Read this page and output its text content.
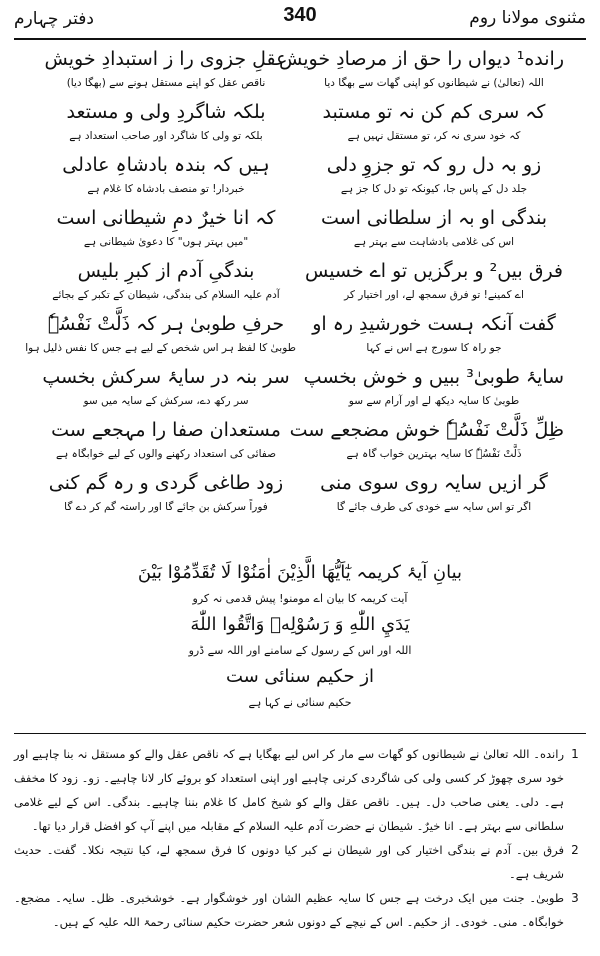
مثنوی مولانا روم
340
دفتر چہارم
رانده¹ دیواں را حق از مرصادِ خویش
اللہ (تعالیٰ) نے شیطانوں کو اپنی گھات سے بھگا دیا
عقلِ جزوی را ز استبدادِ خویش
ناقص عقل کو اپنے مستقل ہونے سے (بھگا دیا)
کہ سری کم کن نہ تو مستبد
کہ خود سری نہ کر، تو مستقل نہیں ہے
بلکہ شاگردِ ولی و مستعد
بلکہ تو ولی کا شاگرد اور صاحب استعداد ہے
زو بہ دل رو کہ تو جزوِ دلی
جلد دل کے پاس جا، کیونکہ تو دل کا جز ہے
ہیں کہ بندہ بادشاہِ عادلی
خبردار! تو منصف بادشاہ کا غلام ہے
بندگی او بہ از سلطانی است
اس کی غلامی بادشاہت سے بہتر ہے
کہ انا خیرٌ دمِ شیطانی است
"میں بہتر ہوں" کا دعویٰ شیطانی ہے
فرق بیں² و برگزیں تو اے خسیس
اے کمینے! تو فرق سمجھ لے، اور اختیار کر
بندگیِ آدم از کبرِ بلیس
آدم علیہ السلام کی بندگی، شیطان کے تکبر کے بجائے
گفت آنکہ ہست خورشیدِ رہ او
جو راہ کا سورج ہے اس نے کہا
حرفِ طوبیٰ ہر کہ ذَلَّتْ نَفْسُہٗ
طوبیٰ کا لفظ ہر اس شخص کے لیے ہے جس کا نفس ذلیل ہوا
سایۂ طوبیٰ³ ببیں و خوش بخسپ
طوبیٰ کا سایہ دیکھ لے اور آرام سے سو
سر بنہ در سایۂ سرکش بخسپ
سر رکھ دے، سرکش کے سایہ میں سو
ظِلِّ ذَلَّتْ نَفْسُہٗ خوش مضجعے ست
ذَلَّتْ نَفْسُہٗ کا سایہ بہترین خواب گاہ ہے
مستعدان صفا را مہجعے ست
صفائی کی استعداد رکھنے والوں کے لیے خوابگاہ ہے
گر ازیں سایہ روی سوی منی
اگر تو اس سایہ سے خودی کی طرف جائے گا
زود طاغی گردی و رہ گم کنی
فوراً سرکش بن جائے گا اور راستہ گم کر دے گا
بیانِ آیۂ کریمہ یٰٓاَیُّهَا الَّذِيْنَ اٰمَنُوْا لَا تُقَدِّمُوْا بَيْنَ
آیت کریمہ کا بیان اے مومنو! پیش قدمی نہ کرو
يَدَيِ اللّٰهِ وَ رَسُوْلِهٖ وَاتَّقُوا اللّٰهَ
اللہ اور اس کے رسول کے سامنے اور اللہ سے ڈرو
از حکیم سنائی ست
حکیم سنائی نے کہا ہے
1
رانده۔ اللہ تعالیٰ نے شیطانوں کو گھات سے مار کر اس لیے بھگایا ہے کہ ناقص عقل والے کو مستقل نہ بنا چاہیے اور خود سری چھوڑ کر کسی ولی کی شاگردی کرنی چاہیے اور اپنی استعداد کو بروئے کار لانا چاہیے۔ زو۔ زود کا مخفف ہے۔ دلی۔ یعنی صاحب دل۔ ہیں۔ ناقص عقل والے کو شیخ کامل کا غلام بننا چاہیے۔ بندگی۔ اس کے لیے غلامی سلطانی سے بہتر ہے۔ انا خیرٌ۔ شیطان نے حضرت آدم علیہ السلام کے مقابلہ میں اپنے آپ کو افضل قرار دیا تھا۔
2
فرق بین۔ آدم نے بندگی اختیار کی اور شیطان نے کبر کیا دونوں کا فرق سمجھ لے، کیا نتیجہ نکلا۔ گفت۔ حدیث شریف ہے۔
3
طوبیٰ۔ جنت میں ایک درخت ہے جس کا سایہ عظیم الشان اور خوشگوار ہے۔ خوشخبری۔ ظل۔ سایہ۔ مضجع۔ خوابگاہ۔ منی۔ خودی۔ از حکیم۔ اس کے نیچے کے دونوں شعر حضرت حکیم سنائی رحمۃ اللہ علیہ کے ہیں۔
